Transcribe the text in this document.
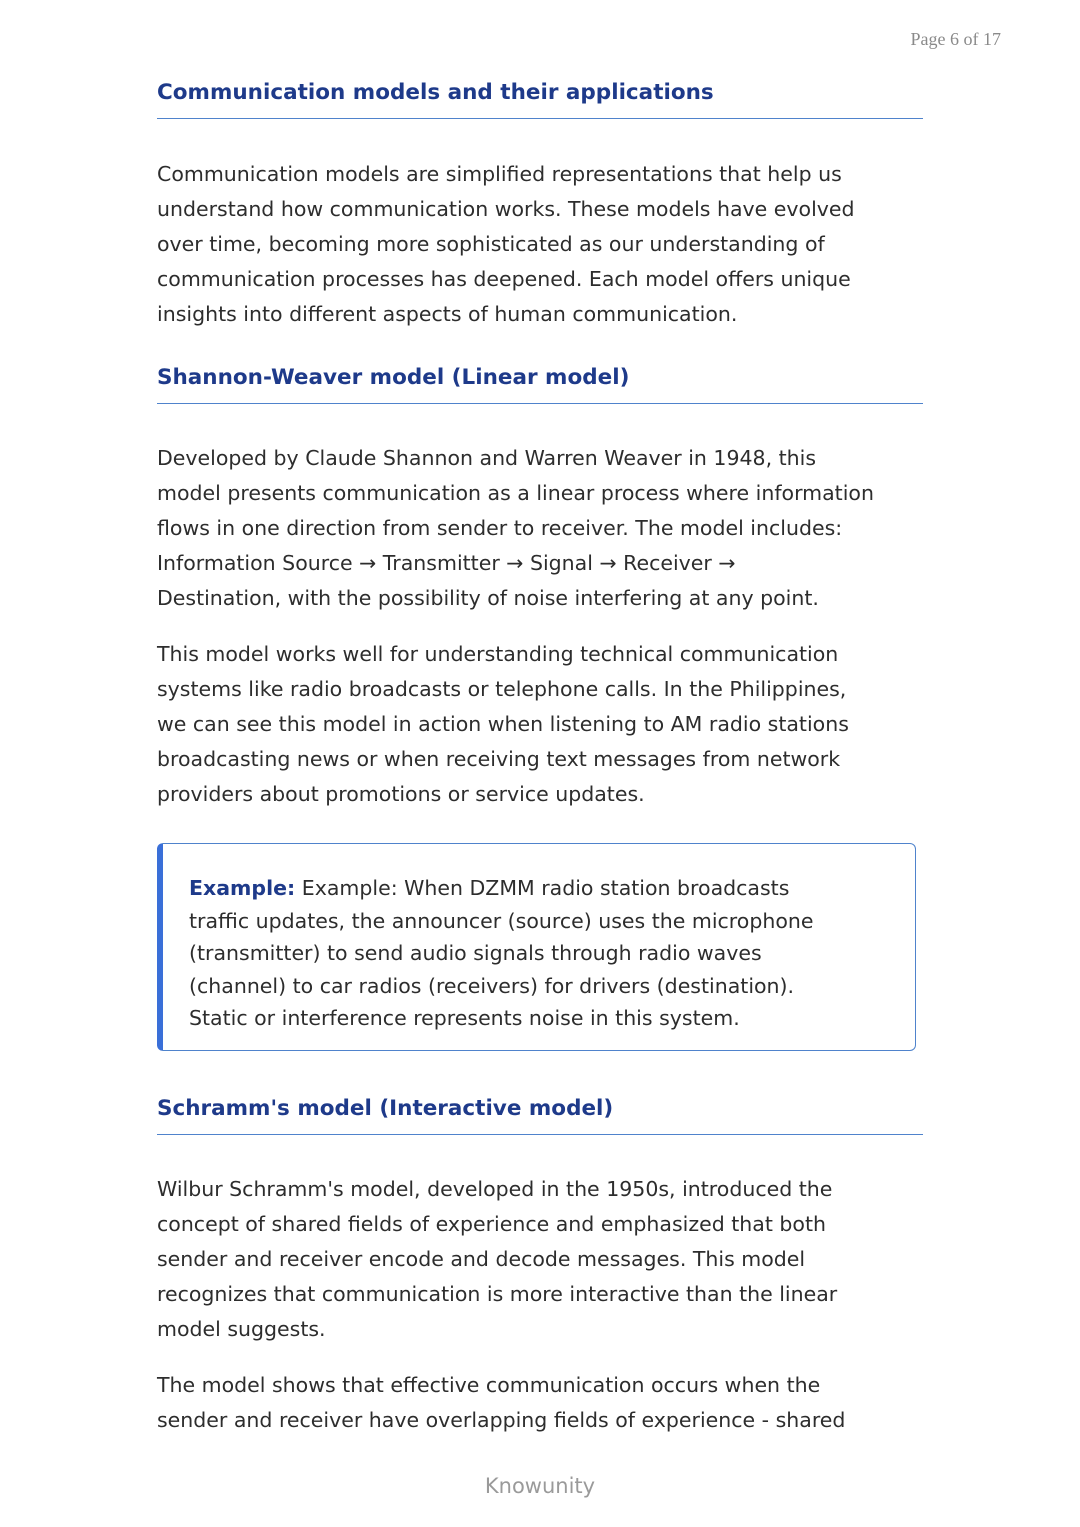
Page 6 of 17
Communication models and their applications

Communication models are simplified representations that help us

understand how communication works. These models have evolved

over time, becoming more sophisticated as our understanding of

communication processes has deepened. Each model offers unique

insights into different aspects of human communication.

Shannon-Weaver model (Linear model)

Developed by Claude Shannon and Warren Weaver in 1948, this

model presents communication as a linear process where information

flows in one direction from sender to receiver. The model includes:

Information Source → Transmitter → Signal → Receiver →

Destination, with the possibility of noise interfering at any point.

This model works well for understanding technical communication

systems like radio broadcasts or telephone calls. In the Philippines,

we can see this model in action when listening to AM radio stations

broadcasting news or when receiving text messages from network

providers about promotions or service updates.

Example: Example: When DZMM radio station broadcasts
traffic updates, the announcer (source) uses the microphone
(transmitter) to send audio signals through radio waves
(channel) to car radios (receivers) for drivers (destination).
Static or interference represents noise in this system.
Schramm's model (Interactive model)

Wilbur Schramm's model, developed in the 1950s, introduced the

concept of shared fields of experience and emphasized that both

sender and receiver encode and decode messages. This model

recognizes that communication is more interactive than the linear

model suggests.

The model shows that effective communication occurs when the

sender and receiver have overlapping fields of experience - shared

Knowunity
